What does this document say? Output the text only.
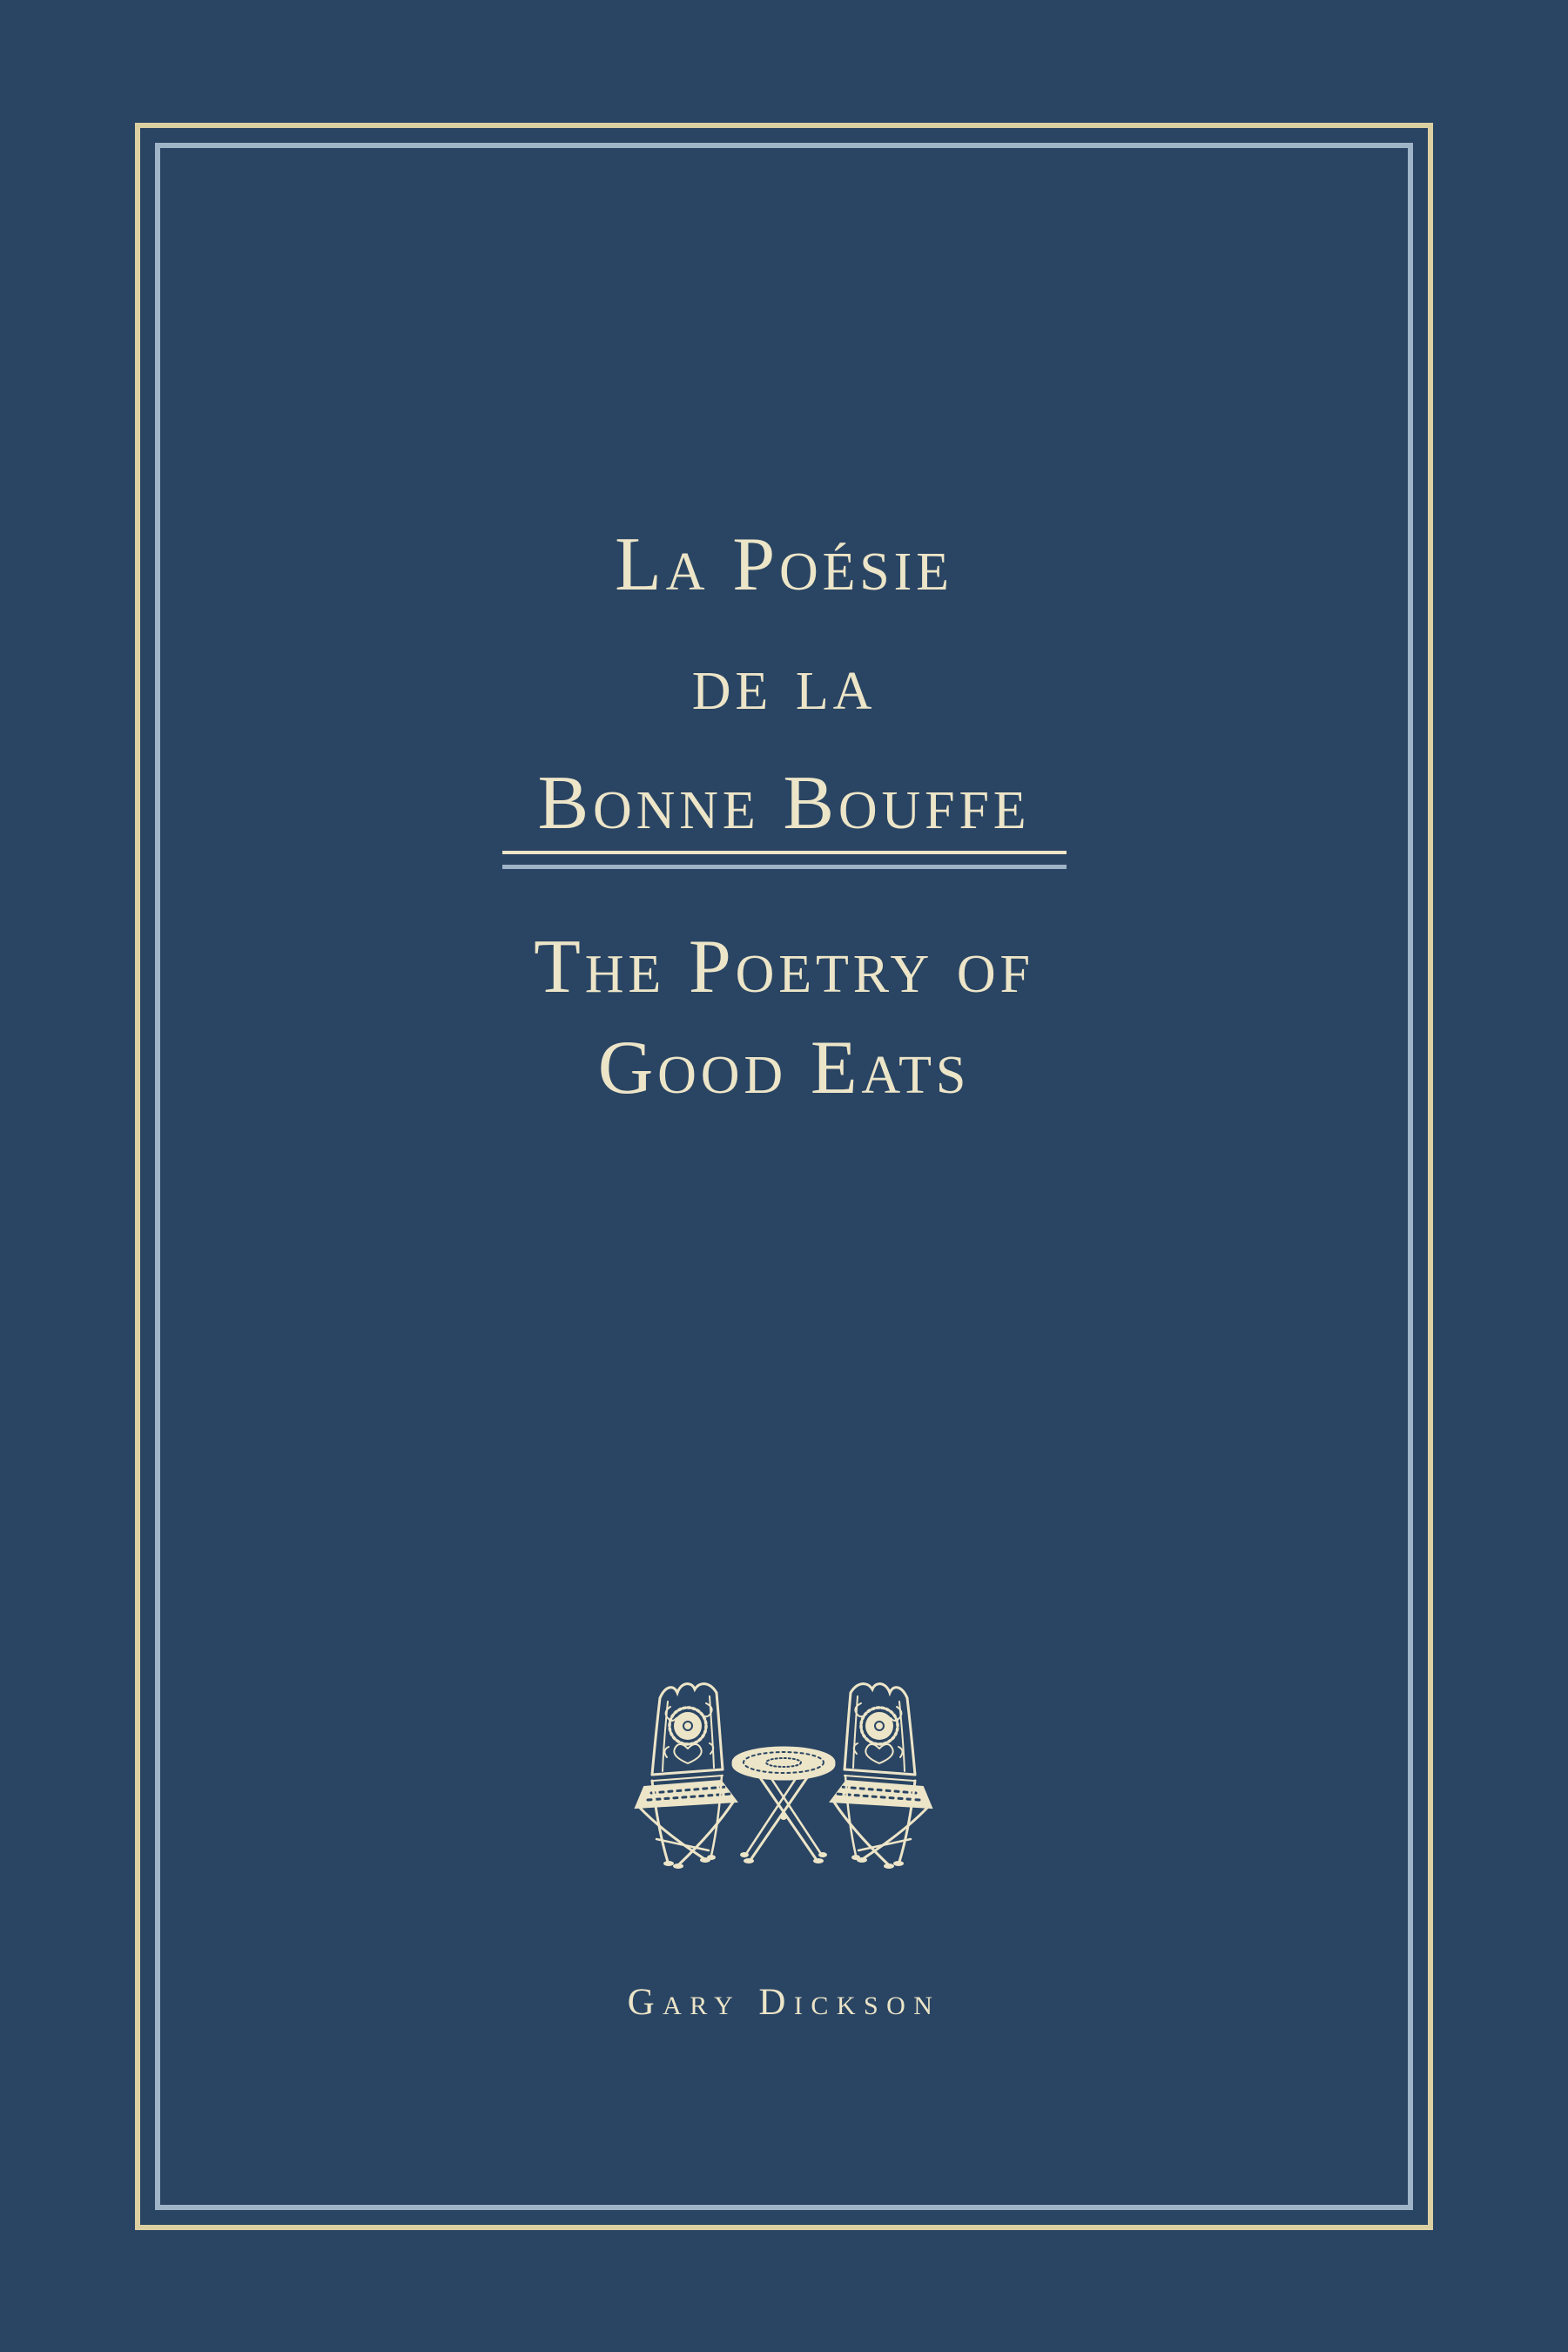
La Poésie
de la
Bonne Bouffe
The Poetry of
Good Eats
Gary Dickson
